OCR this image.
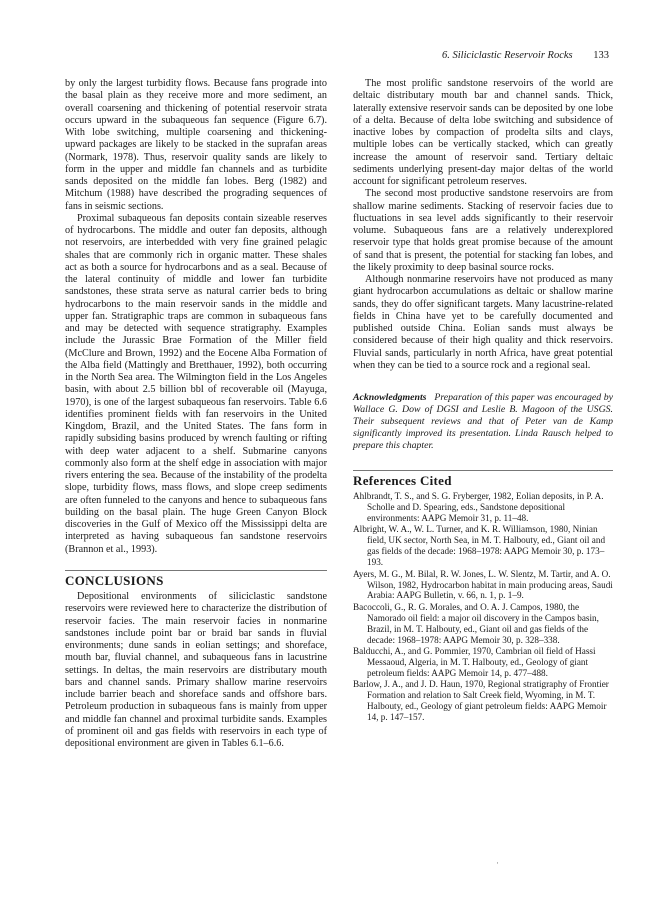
6. Siliciclastic Reservoir Rocks 133

by only the largest turbidity flows. Because fans prograde into the basal plain as they receive more and more sediment, an overall coarsening and thickening of potential reservoir strata occurs upward in the subaqueous fan sequence (Figure 6.7). With lobe switching, multiple coarsening and thickening-upward packages are likely to be stacked in the suprafan areas (Normark, 1978). Thus, reservoir quality sands are likely to form in the upper and middle fan channels and as turbidite sands deposited on the middle fan lobes. Berg (1982) and Mitchum (1988) have described the prograding sequences of fans in seismic sections.

Proximal subaqueous fan deposits contain sizeable reserves of hydrocarbons. The middle and outer fan deposits, although not reservoirs, are interbedded with very fine grained pelagic shales that are commonly rich in organic matter. These shales act as both a source for hydrocarbons and as a seal. Because of the lateral continuity of middle and lower fan turbidite sandstones, these strata serve as natural carrier beds to bring hydrocarbons to the main reservoir sands in the middle and upper fan. Stratigraphic traps are common in subaqueous fans and may be detected with sequence stratigraphy. Examples include the Jurassic Brae Formation of the Miller field (McClure and Brown, 1992) and the Eocene Alba Formation of the Alba field (Mattingly and Bretthauer, 1992), both occurring in the North Sea area. The Wilmington field in the Los Angeles basin, with about 2.5 billion bbl of recoverable oil (Mayuga, 1970), is one of the largest subaqueous fan reservoirs. Table 6.6 identifies prominent fields with fan reservoirs in the United Kingdom, Brazil, and the United States. The fans form in rapidly subsiding basins produced by wrench faulting or rifting with deep water adjacent to a shelf. Submarine canyons commonly also form at the shelf edge in association with major rivers entering the sea. Because of the instability of the prodelta slope, turbidity flows, mass flows, and slope creep sediments are often funneled to the canyons and hence to subaqueous fans building on the basal plain. The huge Green Canyon Block discoveries in the Gulf of Mexico off the Mississippi delta are interpreted as having subaqueous fan sandstone reservoirs (Brannon et al., 1993).

CONCLUSIONS

Depositional environments of siliciclastic sandstone reservoirs were reviewed here to characterize the distribution of reservoir facies. The main reservoir facies in nonmarine sandstones include point bar or braid bar sands in fluvial environments; dune sands in eolian settings; and shoreface, mouth bar, fluvial channel, and subaqueous fans in lacustrine settings. In deltas, the main reservoirs are distributary mouth bars and channel sands. Primary shallow marine reservoirs include barrier beach and shoreface sands and offshore bars. Petroleum production in subaqueous fans is mainly from upper and middle fan channel and proximal turbidite sands. Examples of prominent oil and gas fields with reservoirs in each type of depositional environment are given in Tables 6.1–6.6.

The most prolific sandstone reservoirs of the world are deltaic distributary mouth bar and channel sands. Thick, laterally extensive reservoir sands can be deposited by one lobe of a delta. Because of delta lobe switching and subsidence of inactive lobes by compaction of prodelta silts and clays, multiple lobes can be vertically stacked, which can greatly increase the amount of reservoir sand. Tertiary deltaic sediments underlying present-day major deltas of the world account for significant petroleum reserves.

The second most productive sandstone reservoirs are from shallow marine sediments. Stacking of reservoir facies due to fluctuations in sea level adds significantly to their reservoir volume. Subaqueous fans are a relatively underexplored reservoir type that holds great promise because of the amount of sand that is present, the potential for stacking fan lobes, and the likely proximity to deep basinal source rocks.

Although nonmarine reservoirs have not produced as many giant hydrocarbon accumulations as deltaic or shallow marine sands, they do offer significant targets. Many lacustrine-related fields in China have yet to be carefully documented and published outside China. Eolian sands must always be considered because of their high quality and thick reservoirs. Fluvial sands, particularly in north Africa, have great potential when they can be tied to a source rock and a regional seal.

Acknowledgments Preparation of this paper was encouraged by Wallace G. Dow of DGSI and Leslie B. Magoon of the USGS. Their subsequent reviews and that of Peter van de Kamp significantly improved its presentation. Linda Rausch helped to prepare this chapter.

References Cited

Ahlbrandt, T. S., and S. G. Fryberger, 1982, Eolian deposits, in P. A. Scholle and D. Spearing, eds., Sandstone depositional environments: AAPG Memoir 31, p. 11–48.

Albright, W. A., W. L. Turner, and K. R. Williamson, 1980, Ninian field, UK sector, North Sea, in M. T. Halbouty, ed., Giant oil and gas fields of the decade: 1968–1978: AAPG Memoir 30, p. 173–193.

Ayers, M. G., M. Bilal, R. W. Jones, L. W. Slentz, M. Tartir, and A. O. Wilson, 1982, Hydrocarbon habitat in main producing areas, Saudi Arabia: AAPG Bulletin, v. 66, n. 1, p. 1–9.

Bacoccoli, G., R. G. Morales, and O. A. J. Campos, 1980, the Namorado oil field: a major oil discovery in the Campos basin, Brazil, in M. T. Halbouty, ed., Giant oil and gas fields of the decade: 1968–1978: AAPG Memoir 30, p. 328–338.

Balducchi, A., and G. Pommier, 1970, Cambrian oil field of Hassi Messaoud, Algeria, in M. T. Halbouty, ed., Geology of giant petroleum fields: AAPG Memoir 14, p. 477–488.

Barlow, J. A., and J. D. Haun, 1970, Regional stratigraphy of Frontier Formation and relation to Salt Creek field, Wyoming, in M. T. Halbouty, ed., Geology of giant petroleum fields: AAPG Memoir 14, p. 147–157.

·
